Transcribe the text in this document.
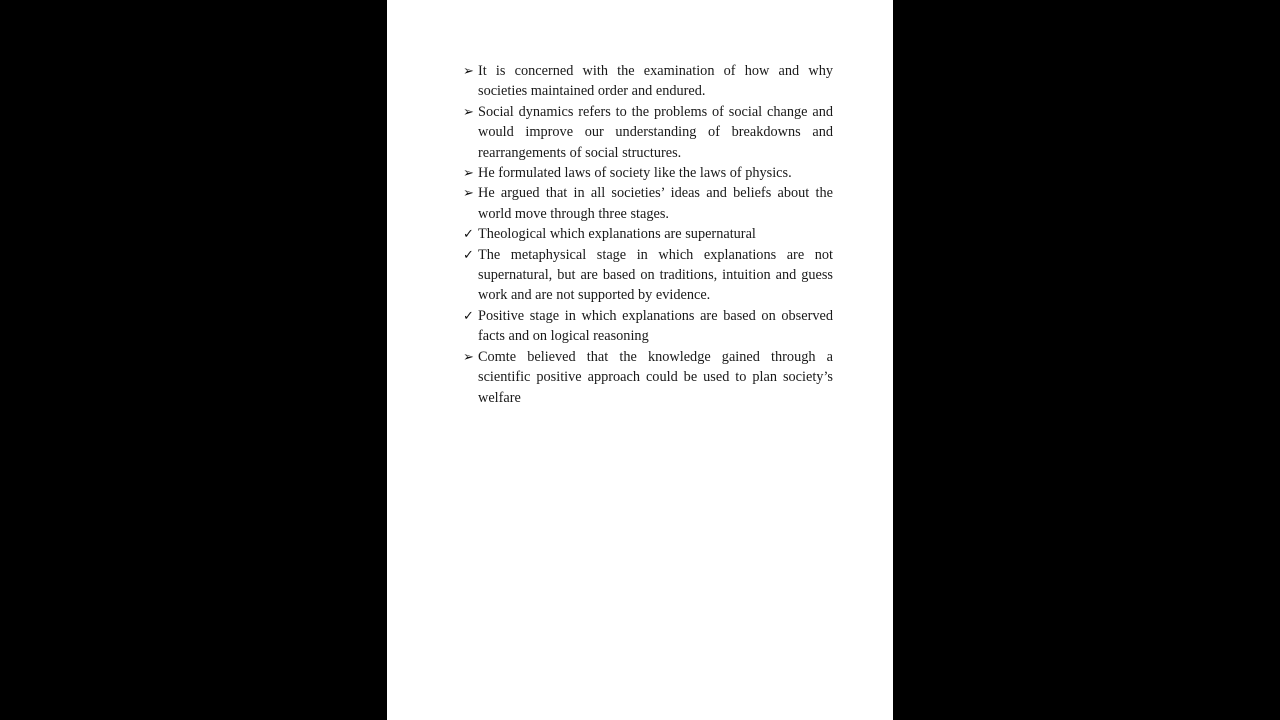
➢ It is concerned with the examination of how and why societies maintained order and endured.
➢ Social dynamics refers to the problems of social change and would improve our understanding of breakdowns and rearrangements of social structures.
➢ He formulated laws of society like the laws of physics.
➢ He argued that in all societies’ ideas and beliefs about the world move through three stages.
✓ Theological which explanations are supernatural
✓ The metaphysical stage in which explanations are not supernatural, but are based on traditions, intuition and guess work and are not supported by evidence.
✓ Positive stage in which explanations are based on observed facts and on logical reasoning
➢ Comte believed that the knowledge gained through a scientific positive approach could be used to plan society’s welfare
